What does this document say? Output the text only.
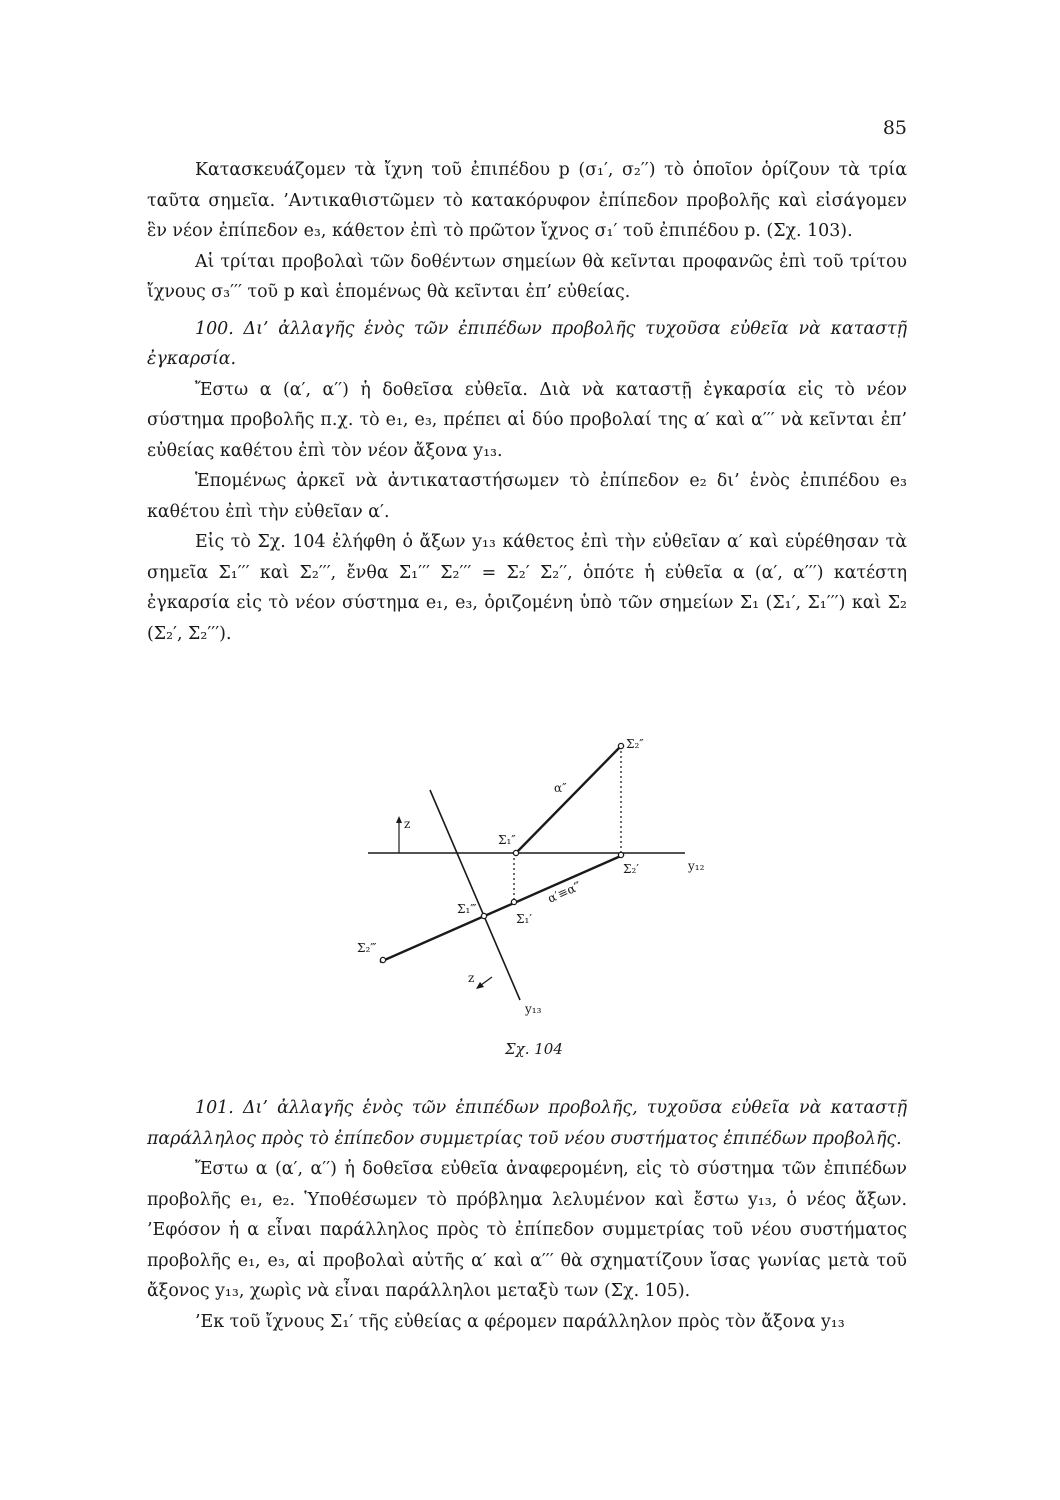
85

Κατασκευάζομεν τὰ ἴχνη τοῦ ἐπιπέδου p (σ₁′, σ₂′′) τὸ ὁποῖον ὁρίζουν τὰ τρία ταῦτα σημεῖα. ’Αντικαθιστῶμεν τὸ κατακόρυφον ἐπίπεδον προβολῆς καὶ εἰσάγομεν ἓν νέον ἐπίπεδον e₃, κάθετον ἐπὶ τὸ πρῶτον ἴχνος σ₁′ τοῦ ἐπιπέδου p. (Σχ. 103).

Αἱ τρίται προβολαὶ τῶν δοθέντων σημείων θὰ κεῖνται προφανῶς ἐπὶ τοῦ τρίτου ἴχνους σ₃′′′ τοῦ p καὶ ἑπομένως θὰ κεῖνται ἐπ’ εὐθείας.

100. Δι’ ἀλλαγῆς ἑνὸς τῶν ἐπιπέδων προβολῆς τυχοῦσα εὐθεῖα νὰ καταστῇ ἐγκαρσία.

Ἔστω α (α′, α′′) ἡ δοθεῖσα εὐθεῖα. Διὰ νὰ καταστῇ ἐγκαρσία εἰς τὸ νέον σύστημα προβολῆς π.χ. τὸ e₁, e₃, πρέπει αἱ δύο προβολαί της α′ καὶ α′′′ νὰ κεῖνται ἐπ’ εὐθείας καθέτου ἐπὶ τὸν νέον ἄξονα y₁₃.

Ἑπομένως ἀρκεῖ νὰ ἀντικαταστήσωμεν τὸ ἐπίπεδον e₂ δι’ ἑνὸς ἐπιπέδου e₃ καθέτου ἐπὶ τὴν εὐθεῖαν α′.

Εἰς τὸ Σχ. 104 ἐλήφθη ὁ ἄξων y₁₃ κάθετος ἐπὶ τὴν εὐθεῖαν α′ καὶ εὑρέθησαν τὰ σημεῖα Σ₁′′′ καὶ Σ₂′′′, ἔνθα Σ₁′′′ Σ₂′′′ = Σ₂′ Σ₂′′, ὁπότε ἡ εὐθεῖα α (α′, α′′′) κατέστη ἐγκαρσία εἰς τὸ νέον σύστημα e₁, e₃, ὁριζομένη ὑπὸ τῶν σημείων Σ₁ (Σ₁′, Σ₁′′′) καὶ Σ₂ (Σ₂′, Σ₂′′′).

Σ₂″
α″
Σ₁″
z
y₁₂
Σ₂′
α′≡α‴
Σ₁′
Σ₁‴
Σ₂‴
z
y₁₃
Σχ. 104

101. Δι’ ἀλλαγῆς ἑνὸς τῶν ἐπιπέδων προβολῆς, τυχοῦσα εὐθεῖα νὰ καταστῇ παράλληλος πρὸς τὸ ἐπίπεδον συμμετρίας τοῦ νέου συστήματος ἐπιπέδων προβολῆς.

Ἔστω α (α′, α′′) ἡ δοθεῖσα εὐθεῖα ἀναφερομένη, εἰς τὸ σύστημα τῶν ἐπιπέδων προβολῆς e₁, e₂. Ὑποθέσωμεν τὸ πρόβλημα λελυμένον καὶ ἔστω y₁₃, ὁ νέος ἄξων. ’Εφόσον ἡ α εἶναι παράλληλος πρὸς τὸ ἐπίπεδον συμμετρίας τοῦ νέου συστήματος προβολῆς e₁, e₃, αἱ προβολαὶ αὐτῆς α′ καὶ α′′′ θὰ σχηματίζουν ἴσας γωνίας μετὰ τοῦ ἄξονος y₁₃, χωρὶς νὰ εἶναι παράλληλοι μεταξὺ των (Σχ. 105).

’Εκ τοῦ ἴχνους Σ₁′ τῆς εὐθείας α φέρομεν παράλληλον πρὸς τὸν ἄξονα y₁₃
